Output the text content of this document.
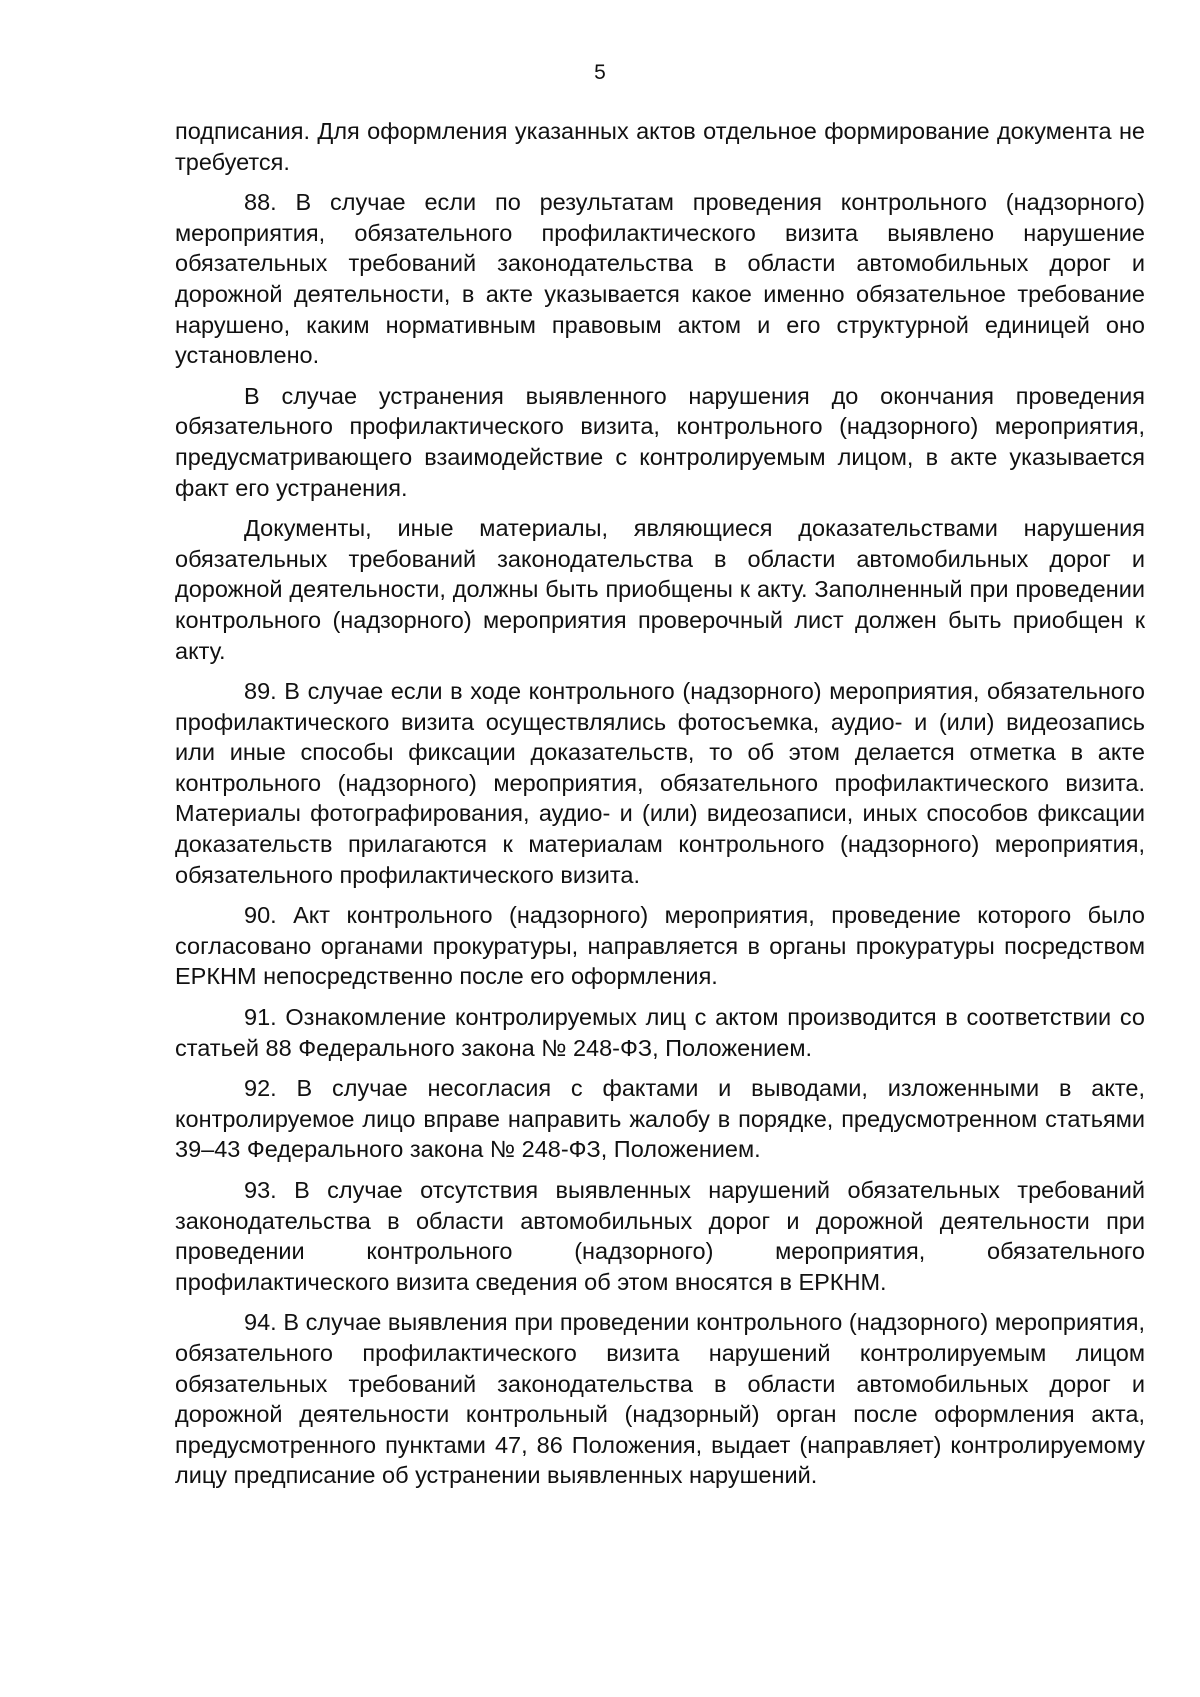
5

подписания. Для оформления указанных актов отдельное формирование документа не требуется.

88. В случае если по результатам проведения контрольного (надзорного) мероприятия, обязательного профилактического визита выявлено нарушение обязательных требований законодательства в области автомобильных дорог и дорожной деятельности, в акте указывается какое именно обязательное требование нарушено, каким нормативным правовым актом и его структурной единицей оно установлено.

В случае устранения выявленного нарушения до окончания проведения обязательного профилактического визита, контрольного (надзорного) мероприятия, предусматривающего взаимодействие с контролируемым лицом, в акте указывается факт его устранения.

Документы, иные материалы, являющиеся доказательствами нарушения обязательных требований законодательства в области автомобильных дорог и дорожной деятельности, должны быть приобщены к акту. Заполненный при проведении контрольного (надзорного) мероприятия проверочный лист должен быть приобщен к акту.

89. В случае если в ходе контрольного (надзорного) мероприятия, обязательного профилактического визита осуществлялись фотосъемка, аудио- и (или) видеозапись или иные способы фиксации доказательств, то об этом делается отметка в акте контрольного (надзорного) мероприятия, обязательного профилактического визита. Материалы фотографирования, аудио- и (или) видеозаписи, иных способов фиксации доказательств прилагаются к материалам контрольного (надзорного) мероприятия, обязательного профилактического визита.

90. Акт контрольного (надзорного) мероприятия, проведение которого было согласовано органами прокуратуры, направляется в органы прокуратуры посредством ЕРКНМ непосредственно после его оформления.

91. Ознакомление контролируемых лиц с актом производится в соответствии со статьей 88 Федерального закона № 248-ФЗ, Положением.

92. В случае несогласия с фактами и выводами, изложенными в акте, контролируемое лицо вправе направить жалобу в порядке, предусмотренном статьями 39–43 Федерального закона № 248-ФЗ, Положением.

93. В случае отсутствия выявленных нарушений обязательных требований законодательства в области автомобильных дорог и дорожной деятельности при проведении контрольного (надзорного) мероприятия, обязательного профилактического визита сведения об этом вносятся в ЕРКНМ.

94. В случае выявления при проведении контрольного (надзорного) мероприятия, обязательного профилактического визита нарушений контролируемым лицом обязательных требований законодательства в области автомобильных дорог и дорожной деятельности контрольный (надзорный) орган после оформления акта, предусмотренного пунктами 47, 86 Положения, выдает (направляет) контролируемому лицу предписание об устранении выявленных нарушений.
